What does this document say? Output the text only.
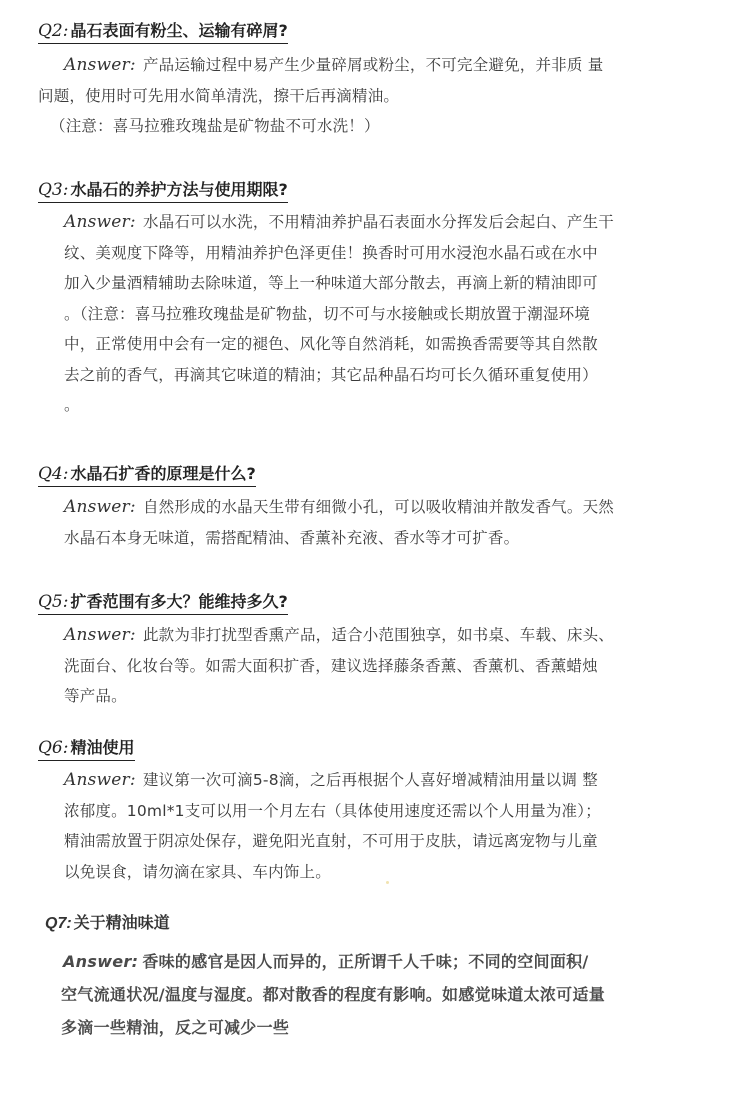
Q2: 晶石表面有粉尘、运输有碎屑?
Answer: 产品运输过程中易产生少量碎屑或粉尘，不可完全避免，并非质 量
问题，使用时可先用水简单清洗，擦干后再滴精油。
（注意：喜马拉雅玫瑰盐是矿物盐不可水洗！）
Q3: 水晶石的养护方法与使用期限?
Answer: 水晶石可以水洗，不用精油养护晶石表面水分挥发后会起白、产生干
纹、美观度下降等，用精油养护色泽更佳！换香时可用水浸泡水晶石或在水中
加入少量酒精辅助去除味道，等上一种味道大部分散去，再滴上新的精油即可
。（注意：喜马拉雅玫瑰盐是矿物盐，切不可与水接触或长期放置于潮湿环境
中，正常使用中会有一定的褪色、风化等自然消耗，如需换香需要等其自然散
去之前的香气，再滴其它味道的精油；其它品种晶石均可长久循环重复使用）
。
Q4: 水晶石扩香的原理是什么?
Answer: 自然形成的水晶天生带有细微小孔，可以吸收精油并散发香气。天然
水晶石本身无味道，需搭配精油、香薰补充液、香水等才可扩香。
Q5: 扩香范围有多大？能维持多久?
Answer: 此款为非打扰型香熏产品，适合小范围独享，如书桌、车载、床头、
洗面台、化妆台等。如需大面积扩香，建议选择藤条香薰、香薰机、香薰蜡烛
等产品。
Q6: 精油使用
Answer: 建议第一次可滴5-8滴，之后再根据个人喜好增减精油用量以调 整
浓郁度。10ml*1支可以用一个月左右（具体使用速度还需以个人用量为准）；
精油需放置于阴凉处保存，避免阳光直射，不可用于皮肤，请远离宠物与儿童
以免误食，请勿滴在家具、车内饰上。
Q7: 关于精油味道
Answer: 香味的感官是因人而异的，正所谓千人千味；不同的空间面积/
空气流通状况/温度与湿度。都对散香的程度有影响。如感觉味道太浓可适量
多滴一些精油，反之可减少一些
